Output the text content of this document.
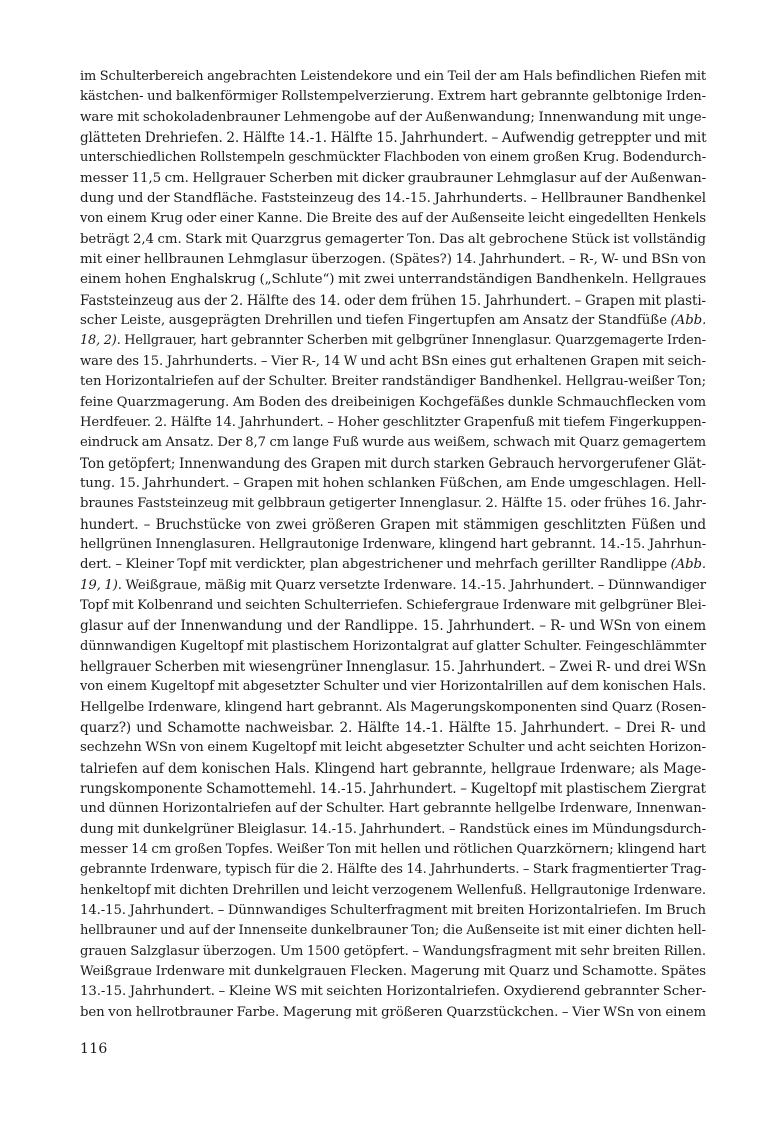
im Schulterbereich angebrachten Leistendekore und ein Teil der am Hals befindlichen Riefen mit
kästchen- und balkenförmiger Rollstempelverzierung. Extrem hart gebrannte gelbtonige Irden-
ware mit schokoladenbrauner Lehmengobe auf der Außenwandung; Innenwandung mit unge-
glätteten Drehriefen. 2. Hälfte 14.-1. Hälfte 15. Jahrhundert. – Aufwendig getreppter und mit
unterschiedlichen Rollstempeln geschmückter Flachboden von einem großen Krug. Bodendurch-
messer 11,5 cm. Hellgrauer Scherben mit dicker graubrauner Lehmglasur auf der Außenwan-
dung und der Standfläche. Faststeinzeug des 14.-15. Jahrhunderts. – Hellbrauner Bandhenkel
von einem Krug oder einer Kanne. Die Breite des auf der Außenseite leicht eingedellten Henkels
beträgt 2,4 cm. Stark mit Quarzgrus gemagerter Ton. Das alt gebrochene Stück ist vollständig
mit einer hellbraunen Lehmglasur überzogen. (Spätes?) 14. Jahrhundert. – R-, W- und BSn von
einem hohen Enghalskrug („Schlute“) mit zwei unterrandständigen Bandhenkeln. Hellgraues
Faststeinzeug aus der 2. Hälfte des 14. oder dem frühen 15. Jahrhundert. – Grapen mit plasti-
scher Leiste, ausgeprägten Drehrillen und tiefen Fingertupfen am Ansatz der Standfüße (Abb.
18, 2). Hellgrauer, hart gebrannter Scherben mit gelbgrüner Innenglasur. Quarzgemagerte Irden-
ware des 15. Jahrhunderts. – Vier R-, 14 W und acht BSn eines gut erhaltenen Grapen mit seich-
ten Horizontalriefen auf der Schulter. Breiter randständiger Bandhenkel. Hellgrau-weißer Ton;
feine Quarzmagerung. Am Boden des dreibeinigen Kochgefäßes dunkle Schmauchflecken vom
Herdfeuer. 2. Hälfte 14. Jahrhundert. – Hoher geschlitzter Grapenfuß mit tiefem Fingerkuppen-
eindruck am Ansatz. Der 8,7 cm lange Fuß wurde aus weißem, schwach mit Quarz gemagertem
Ton getöpfert; Innenwandung des Grapen mit durch starken Gebrauch hervorgerufener Glät-
tung. 15. Jahrhundert. – Grapen mit hohen schlanken Füßchen, am Ende umgeschlagen. Hell-
braunes Faststeinzeug mit gelbbraun getigerter Innenglasur. 2. Hälfte 15. oder frühes 16. Jahr-
hundert. – Bruchstücke von zwei größeren Grapen mit stämmigen geschlitzten Füßen und
hellgrünen Innenglasuren. Hellgrautonige Irdenware, klingend hart gebrannt. 14.-15. Jahrhun-
dert. – Kleiner Topf mit verdickter, plan abgestrichener und mehrfach gerillter Randlippe (Abb.
19, 1). Weißgraue, mäßig mit Quarz versetzte Irdenware. 14.-15. Jahrhundert. – Dünnwandiger
Topf mit Kolbenrand und seichten Schulterriefen. Schiefergraue Irdenware mit gelbgrüner Blei-
glasur auf der Innenwandung und der Randlippe. 15. Jahrhundert. – R- und WSn von einem
dünnwandigen Kugeltopf mit plastischem Horizontalgrat auf glatter Schulter. Feingeschlämmter
hellgrauer Scherben mit wiesengrüner Innenglasur. 15. Jahrhundert. – Zwei R- und drei WSn
von einem Kugeltopf mit abgesetzter Schulter und vier Horizontalrillen auf dem konischen Hals.
Hellgelbe Irdenware, klingend hart gebrannt. Als Magerungskomponenten sind Quarz (Rosen-
quarz?) und Schamotte nachweisbar. 2. Hälfte 14.-1. Hälfte 15. Jahrhundert. – Drei R- und
sechzehn WSn von einem Kugeltopf mit leicht abgesetzter Schulter und acht seichten Horizon-
talriefen auf dem konischen Hals. Klingend hart gebrannte, hellgraue Irdenware; als Mage-
rungskomponente Schamottemehl. 14.-15. Jahrhundert. – Kugeltopf mit plastischem Ziergrat
und dünnen Horizontalriefen auf der Schulter. Hart gebrannte hellgelbe Irdenware, Innenwan-
dung mit dunkelgrüner Bleiglasur. 14.-15. Jahrhundert. – Randstück eines im Mündungsdurch-
messer 14 cm großen Topfes. Weißer Ton mit hellen und rötlichen Quarzkörnern; klingend hart
gebrannte Irdenware, typisch für die 2. Hälfte des 14. Jahrhunderts. – Stark fragmentierter Trag-
henkeltopf mit dichten Drehrillen und leicht verzogenem Wellenfuß. Hellgrautonige Irdenware.
14.-15. Jahrhundert. – Dünnwandiges Schulterfragment mit breiten Horizontalriefen. Im Bruch
hellbrauner und auf der Innenseite dunkelbrauner Ton; die Außenseite ist mit einer dichten hell-
grauen Salzglasur überzogen. Um 1500 getöpfert. – Wandungsfragment mit sehr breiten Rillen.
Weißgraue Irdenware mit dunkelgrauen Flecken. Magerung mit Quarz und Schamotte. Spätes
13.-15. Jahrhundert. – Kleine WS mit seichten Horizontalriefen. Oxydierend gebrannter Scher-
ben von hellrotbrauner Farbe. Magerung mit größeren Quarzstückchen. – Vier WSn von einem

116
